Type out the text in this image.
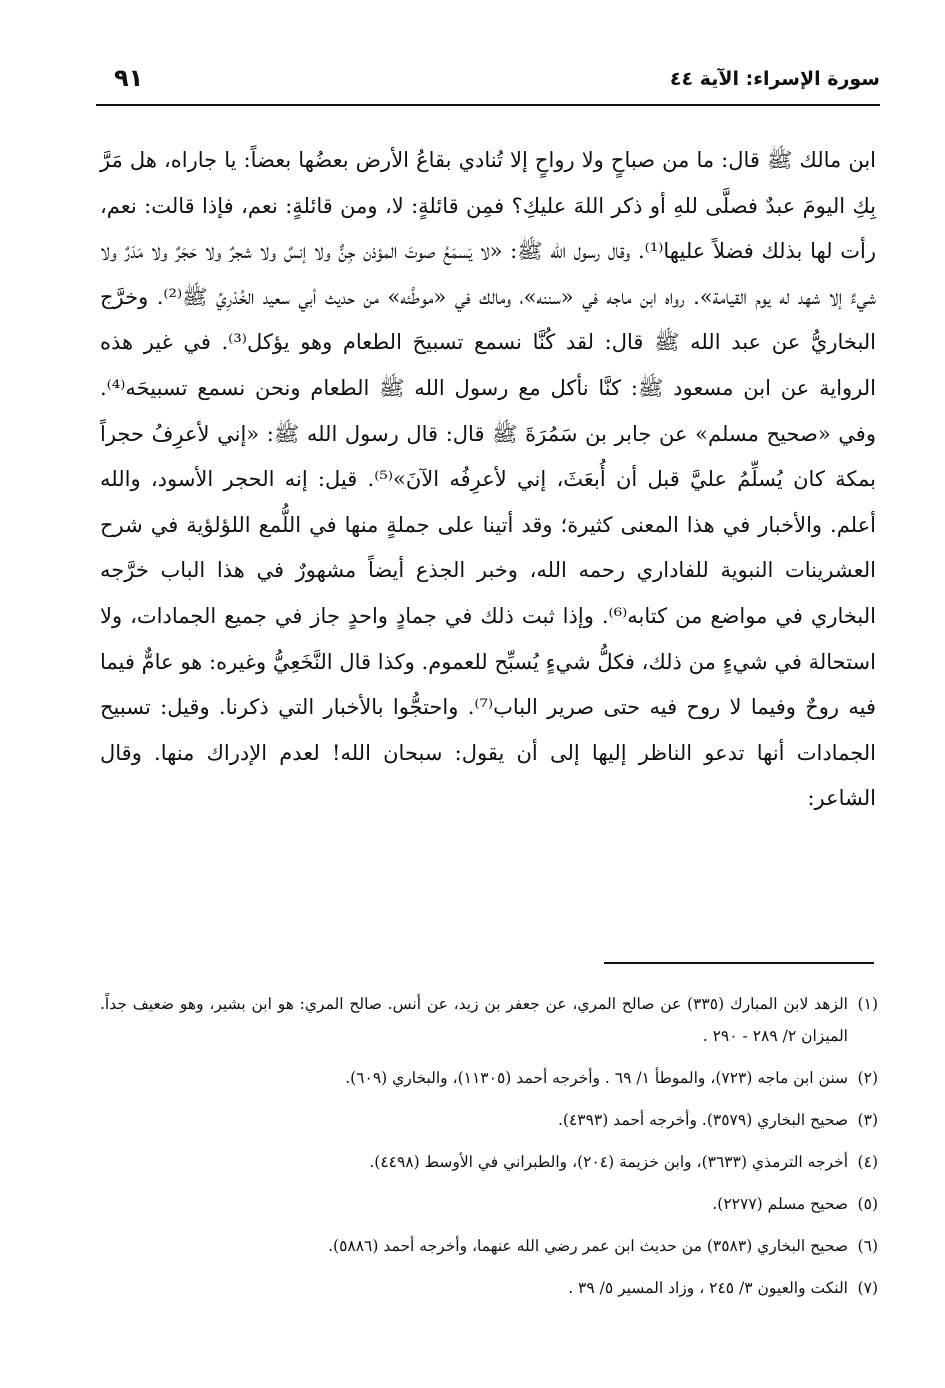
سورة الإسراء: الآية ٤٤
٩١

ابن مالك ﷺ قال: ما من صباحٍ ولا رواحٍ إلا تُنادي بقاعُ الأرض بعضُها بعضاً: يا جاراه، هل مَرَّ بِكِ اليومَ عبدٌ فصلَّى للهِ أو ذكر اللهَ عليكِ؟ فمِن قائلةٍ: لا، ومن قائلةٍ: نعم، فإذا قالت: نعم، رأت لها بذلك فضلاً عليها⁽¹⁾. وقال رسول الله ﷺ: «لا يَسمَعُ صوتَ المؤذن جِنٌّ ولا إنسٌ ولا شجرٌ ولا حَجَرٌ ولا مَدَرٌ ولا شيءٌ إلا شهد له يوم القيامة». رواه ابن ماجه في «سننه»، ومالك في «موطَّئه» من حديث أبي سعيد الخُدْرِيِّ ﷺ⁽²⁾. وخرَّج البخاريُّ عن عبد الله ﷺ قال: لقد كُنَّا نسمع تسبيحَ الطعام وهو يؤكل⁽³⁾. في غير هذه الرواية عن ابن مسعود ﷺ: كنَّا نأكل مع رسول الله ﷺ الطعام ونحن نسمع تسبيحَه⁽⁴⁾. وفي «صحيح مسلم» عن جابر بن سَمُرَةَ ﷺ قال: قال رسول الله ﷺ: «إني لأعرِفُ حجراً بمكة كان يُسلِّمُ عليَّ قبل أن أُبعَثَ، إني لأعرِفُه الآنَ»⁽⁵⁾. قيل: إنه الحجر الأسود، والله أعلم. والأخبار في هذا المعنى كثيرة؛ وقد أتينا على جملةٍ منها في اللُّمع اللؤلؤية في شرح العشرينات النبوية للفاداري رحمه الله، وخبر الجذع أيضاً مشهورٌ في هذا الباب خرَّجه البخاري في مواضع من كتابه⁽⁶⁾. وإذا ثبت ذلك في جمادٍ واحدٍ جاز في جميع الجمادات، ولا استحالة في شيءٍ من ذلك، فكلُّ شيءٍ يُسبِّح للعموم. وكذا قال النَّخَعِيُّ وغيره: هو عامٌّ فيما فيه روحٌ وفيما لا روح فيه حتى صرير الباب⁽⁷⁾. واحتجُّوا بالأخبار التي ذكرنا. وقيل: تسبيح الجمادات أنها تدعو الناظر إليها إلى أن يقول: سبحان الله! لعدم الإدراك منها. وقال الشاعر:

(١)
الزهد لابن المبارك (٣٣٥) عن صالح المري، عن جعفر بن زيد، عن أنس. صالح المري: هو ابن بشير، وهو ضعيف جداً. الميزان ٢/ ٢٨٩ - ٢٩٠ .
(٢)
سنن ابن ماجه (٧٢٣)، والموطأ ١/ ٦٩ . وأخرجه أحمد (١١٣٠٥)، والبخاري (٦٠٩).
(٣)
صحيح البخاري (٣٥٧٩). وأخرجه أحمد (٤٣٩٣).
(٤)
أخرجه الترمذي (٣٦٣٣)، وابن خزيمة (٢٠٤)، والطبراني في الأوسط (٤٤٩٨).
(٥)
صحيح مسلم (٢٢٧٧).
(٦)
صحيح البخاري (٣٥٨٣) من حديث ابن عمر رضي الله عنهما، وأخرجه أحمد (٥٨٨٦).
(٧)
النكت والعيون ٣/ ٢٤٥ ، وزاد المسير ٥/ ٣٩ .
